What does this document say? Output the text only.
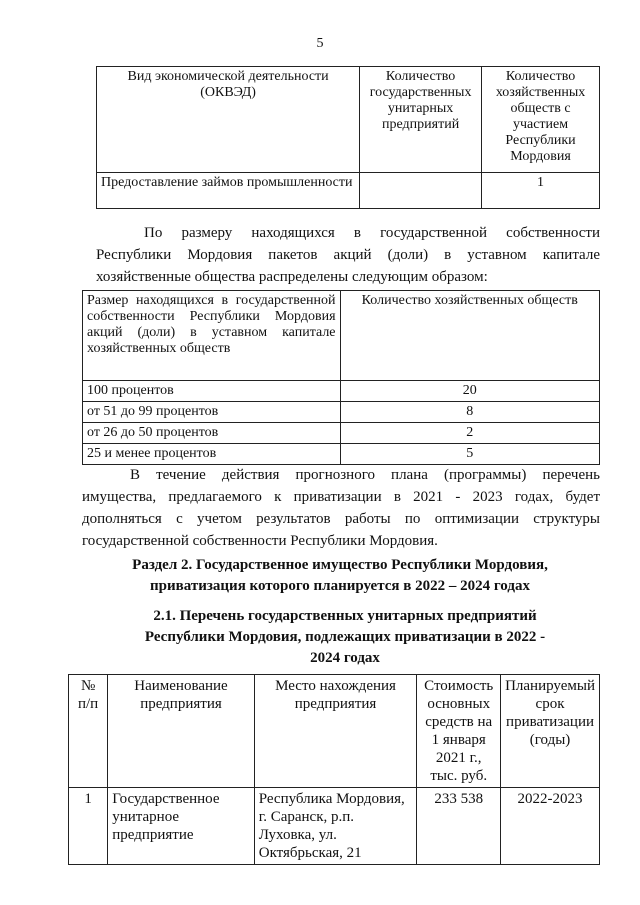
5
Вид экономической деятельности (ОКВЭД)	Количество государственных унитарных предприятий	Количество хозяйственных обществ с участием Республики Мордовия
Предоставление займов промышленности		1
По размеру находящихся в государственной собственности Республики Мордовия пакетов акций (доли) в уставном капитале хозяйственные общества распределены следующим образом:
Размер находящихся в государственной собственности Республики Мордовия акций (доли) в уставном капитале хозяйственных обществ	Количество хозяйственных обществ
100 процентов	20
от 51 до 99 процентов	8
от 26 до 50 процентов	2
25 и менее процентов	5
В течение действия прогнозного плана (программы) перечень имущества, предлагаемого к приватизации в 2021 - 2023 годах, будет дополняться с учетом результатов работы по оптимизации структуры государственной собственности Республики Мордовия.
Раздел 2. Государственное имущество Республики Мордовия, приватизация которого планируется в 2022 – 2024 годах
2.1. Перечень государственных унитарных предприятий Республики Мордовия, подлежащих приватизации в 2022 - 2024 годах
№ п/п	Наименование предприятия	Место нахождения предприятия	Стоимость основных средств на 1 января 2021 г., тыс. руб.	Планируемый срок приватизации (годы)
1	Государственное унитарное предприятие	Республика Мордовия, г. Саранск, р.п. Луховка, ул. Октябрьская, 21	233 538	2022-2023
